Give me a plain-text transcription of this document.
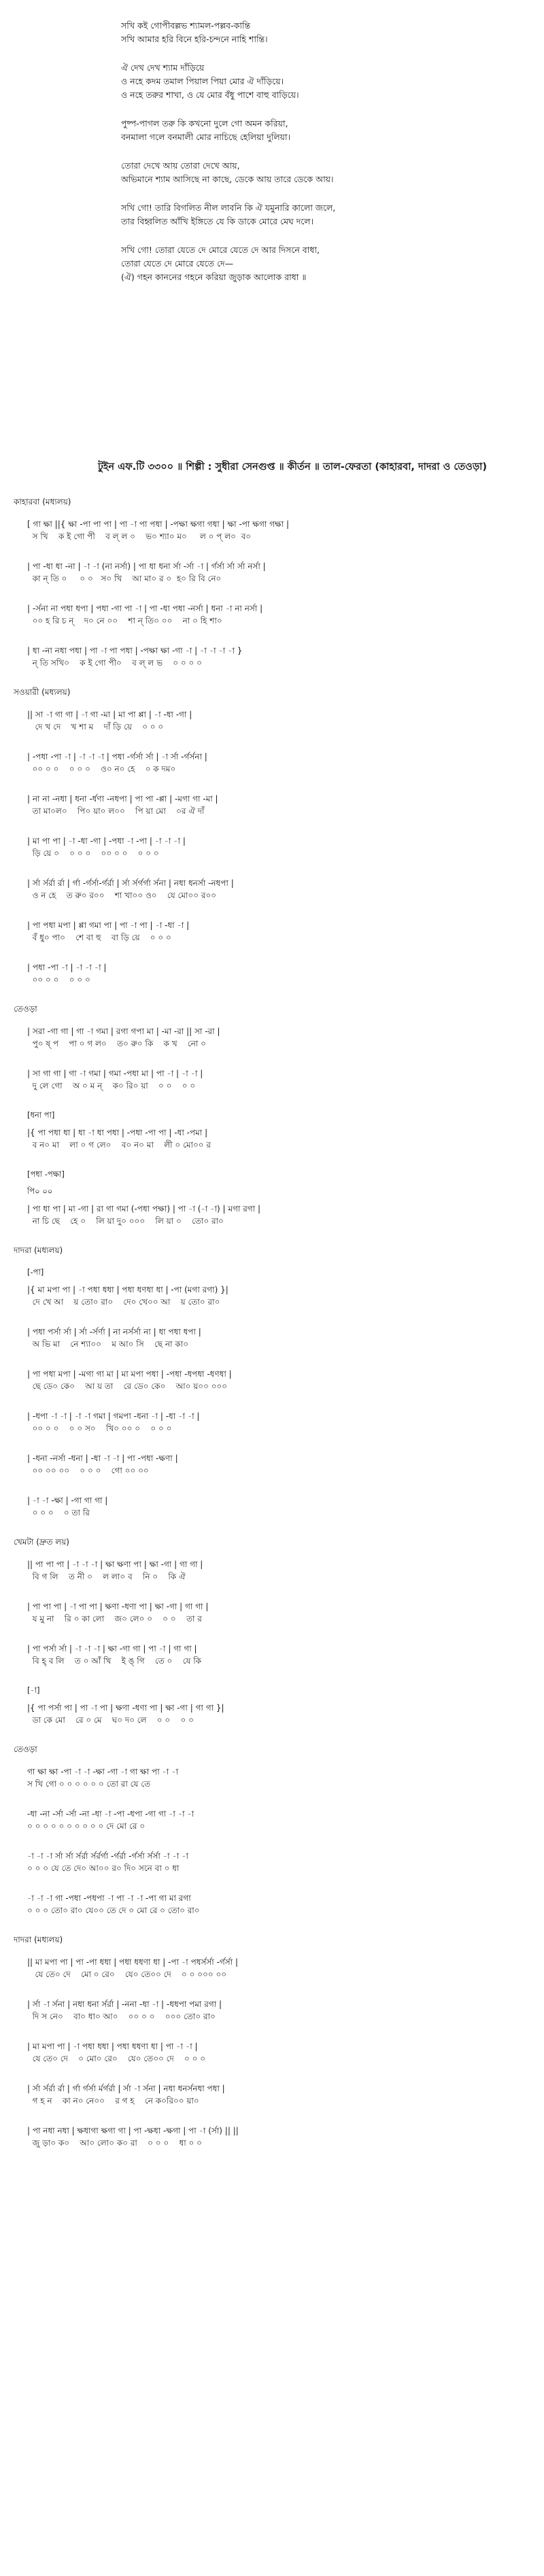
সখি কই গোপীবল্লভ শ্যামল-পল্লব-কান্তি
সখি আমার হরি বিনে হরি-চন্দনে নাহি শান্তি।
ঐ দেখ দেখ শ্যাম দাঁড়িয়ে
ও নহে কদম তমাল পিয়াল পিয়া মোর ঐ দাঁড়িয়ে।
ও নহে তরুর শাখা, ও যে মোর বঁধু পাশে বাহু বাড়িয়ে।
পুষ্প-পাগল তরু কি কখনো দুলে গো অমন করিয়া,
বনমালা গলে বনমালী মোর নাচিছে হেলিয়া দুলিয়া।
তোরা দেখে আয় তোরা দেখে আয়,
অভিমানে শ্যাম আসিছে না কাছে, ডেকে আয় তারে ডেকে আয়।
সখি গো! তারি বিগলিত নীল লাবনি কি ঐ যমুনারি কালো জলে,
তার বিহ্বলিত আঁখি ইঙ্গিতে যে কি ডাকে মোরে মেঘ দলে।
সখি গো! তোরা যেতে দে মোরে যেতে দে আর দিসনে বাধা,
তোরা যেতে দে মোরে যেতে দে—
(ঐ) গহন কাননের গহনে করিয়া জুড়াক আলোক রাধা ॥
টুইন এফ.টি ৩৩০০ ॥ শিল্পী : সুধীরা সেনগুপ্ত ॥ কীর্তন ॥ তাল-ফেরতা (কাহারবা, দাদরা ও তেওড়া)
কাহারবা (মধ্যলয়)
[ গা ক্ষা ||{ ক্ষা -পা পা পা | পা -া পা পধা | -পক্ষা ক্ষগা গধা | ক্ষা -পা ক্ষগা গক্ষা |
স খি    ক ই গো পী    ব ল্ ল ০    ভ০ শ্যা০ ম০     ল ০ প্ ল০  ব০
| পা -ধা ধা -না | -া -া (না নর্সা) | পা ধা ধনা র্সা -র্সা -া | র্গর্সা র্সা র্সা নর্সা |
কা ন্ তি ০     ০ ০   স০ খি    আ মা০ র ০  হ০ রি বি নে০
| -র্সনা না পধা ধপা | পধা -গা পা -া | পা -ধা পধা -নর্সা | ধনা -া না নর্সা |
০০ হ রি চ ন্    দ০ নে ০০    শা ন্ তি০ ০০    না ০ হি শা০
| ধা -না নধা পধা | পা -া পা পধা | -পক্ষা ক্ষা -গা -া | -া -া -া -া }
ন্ তি সখি০    ক ই গো পী০    ব ল্ ল ভ    ০ ০ ০ ০
সওয়ারী (মধ্যলয়)
|| সা -া গা গা | -া গা -মা | মা পা প্পা | -া -ধা -গা |
দে খ দে    খ শা ম    দাঁ ড়ি য়ে    ০ ০ ০
| -পধা -পা -া | -া -া -া | পধা -র্গর্সা র্সা | -া র্সা -র্গর্সনা |
০০ ০ ০    ০ ০ ০    ও০ ন০ হে    ০ ক দম০
| না না -নধা | ধনা -র্ধণা -নধপা | পা পা -প্পা | -মগা গা -মা |
তা মা০ল০    পি০ য়া০ ল০০    পি য়া মো    ০র ঐ দাঁ
| মা পা পা | -া -ধা -গা | -পধা -া -পা | -া -া -া |
ড়ি য়ে ০    ০ ০ ০    ০০ ০ ০    ০ ০ ০
| র্সা র্সর্রা র্রা | র্গা -র্গর্সা-র্গর্রা | র্সা র্সর্গর্গা র্সনা | নধা ধনর্সা -নধপা |
ও ন হে    ত রু০ র০০    শা খা০০ ও০    যে মো০০ র০০
| পা পধা মপা | প্পা গমা পা | পা -া পা | -া -ধা -া |
বঁ ধু০ পা০    শে বা হু    বা ড়ি য়ে    ০ ০ ০
| পধা -পা -া | -া -া -া |
০০ ০ ০    ০ ০ ০
তেওড়া
| সরা -গা গা | গা -া গমা | রগা গপা মা | -মা -রা || সা -রা |
পু০ ষ্ প    পা ০ গ ল০    ত০ রু০ কি    ক খ    নো ০
| সা গা গা | গা -া গমা | গমা -পধা মা | পা -া | -া -া |
দু লে গো    অ ০ ম ন্    ক০ রি০ য়া    ০ ০    ০ ০
[ধনা পা]
|{ পা পধা ধা | ধা -া ধা পধা | -পধা -পা পা | -ধা -পমা |
ব ন০ মা    লা ০ গ লে০    ব০ ন০ মা    লী ০ মো০০ র
[পধা -পক্ষা]
পি০ ০০
| পা ধা পা | মা -গা | রা গা গমা (-পধা পক্ষা) | পা -া (-া -া) | মগা রগা |
না চি ছে    হে ০    লি য়া দু০ ০০০    লি য়া ০    তো০ রা০
দাদরা (মধ্যলয়)
[-পা]
|{ মা মপা পা | -া পধা ধধা | পধা ধণধা ধা | -পা (মগা রগা) }|
দে খে আ    য় তো০ রা০    দে০ খে০০ আ    য় তো০ রা০
| পধা পর্সা র্সা | র্সা -র্সর্ণা | না নর্সর্সা না | ধা পধা ধপা |
অ ভি মা    নে শ্যা০০    ম আ০ সি    ছে না কা০
| পা পধা মপা | -মগা গা মা | মা মপা পধা | -পধা -ধপধা -ধণধা |
ছে ডে০ কে০    আ য় তা    রে ডে০ কে০    আ০ য়০০ ০০০
| -ধপা -া -া | -া -া গমা | গমপা -ধনা -া | -ধা -া -া |
০০ ০ ০    ০ ০ স০    খি০ ০০ ০    ০ ০ ০
| -ধনা -নর্সা -ধনা | -ধা -া -া | পা -পধা -ক্ষণা |
০০ ০০ ০০    ০ ০ ০    গো ০০ ০০
| -া -া -ক্ষা | -গা গা গা |
০ ০ ০    ০ তা রি
খেমটা (দ্রুত লয়)
|| পা পা পা | -া -া -া | ক্ষা ক্ষণা পা | ক্ষা -গা | গা গা |
বি গ লি    ত নী ০    ল লা০ ব    নি ০    কি ঐ
| পা পা পা | -া পা পা | ক্ষণা -ধণা পা | ক্ষা -গা | গা গা |
য মু না    রি ০ কা লো    জ০ লে০ ০    ০ ০    তা র
| পা পর্সা র্সা | -া -া -া | ক্ষা -গা গা | পা -া | গা গা |
বি হ্ ব লি    ত ০ আঁ খি    ই ঙ্ গি    তে ০    যে কি
[-া]
|{ পা পর্সা পা | পা -া পা | ক্ষণা -ধণা পা | ক্ষা -গা | গা গা }|
ডা কে মো    রে ০ মে    ঘ০ দ০ লে    ০ ০    ০ ০
তেওড়া
গা ক্ষা ক্ষা -পা -া -া -ক্ষা -গা -া গা ক্ষা পা -া -া
স খি গো ০ ০ ০ ০ ০ ০ তো রা যে তে
-ধা -না -র্সা -র্সা -না -ধা -া -পা -ধপা -গা গা -া -া -া
০ ০ ০ ০ ০ ০ ০ ০ ০ ০ দে মো রে ০
-া -া -া র্সা র্সা র্সর্রা র্সর্রর্গা -র্গর্রা -র্গর্সা র্সর্সা -া -া -া
০ ০ ০ যে তে দে০ আ০০ র০ দি০ সনে বা ০ ধা
-া -া -া গা -পধা -পধপা -া পা -া -া -পা গা মা রগা
০ ০ ০ তো০ রা০ যে০০ তে দে ০ মো রে ০ তো০ রা০
দাদরা (মধ্যলয়)
|| মা মপা পা | পা -পা ধধা | পধা ধধণা ধা | -পা -া পধর্সর্সা -র্গর্সা |
যে তে০ দে    মো ০ রে০    যে০ তে০০ দে    ০ ০ ০০০ ০০
| র্সা -া র্সনা | নধা ধনা র্সর্রা | -ননা -ধা -া | -ধধপা পমা রগা |
দি স নে০    বা০ ধা০ আ০    ০০ ০ ০    ০০০ তো০ রা০
| মা মপা পা | -া পধা ধধা | পধা ধধণা ধা | পা -া -া |
যে তে০ দে    ০ মো০ রে০    যে০ তে০০ দে    ০ ০ ০
| র্সা র্সর্রা র্রা | র্গা র্গর্সা র্মর্গর্রা | র্সা -া র্সনা | নধা ধনর্সনধা পধা |
গ হ ন    কা ন০ নে০০    র গ হ    নে ক০রি০০ য়া০
| পা নধা নধা | ক্ষধাগা ক্ষগা গা | পা -ক্ষধা -ক্ষগা | পা -া (র্সা) || ||
জু ড়া০ ক০    আ০ লো০ ক০ রা    ০ ০ ০    ধা ০ ০
